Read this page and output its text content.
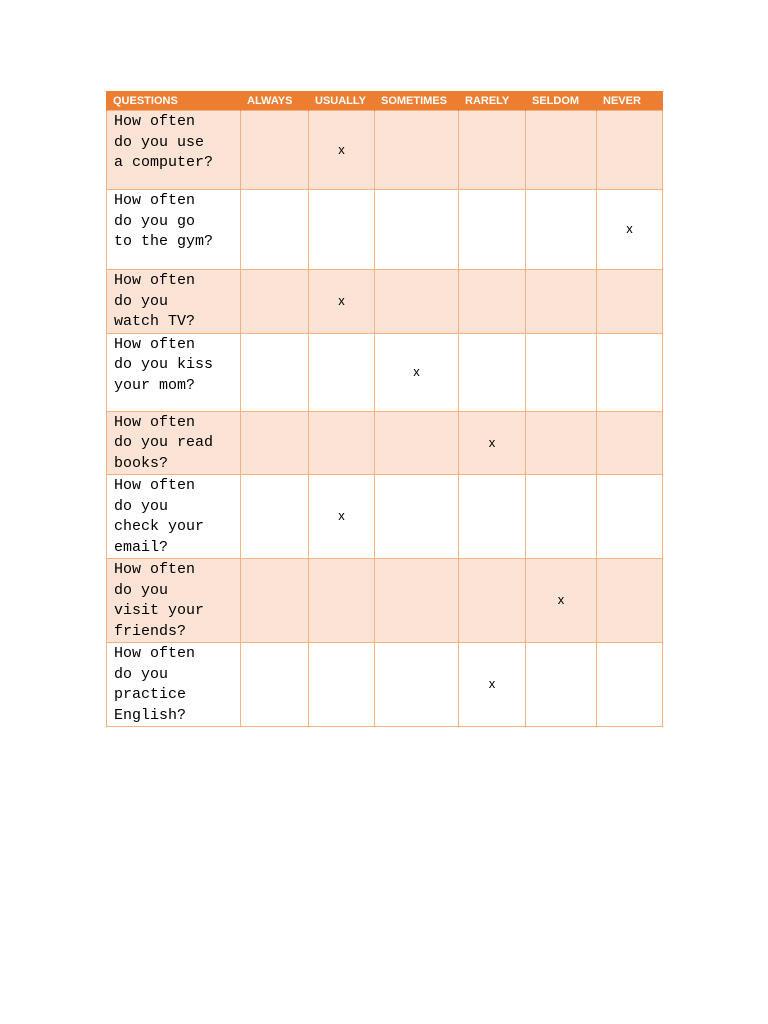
QUESTIONS	ALWAYS	USUALLY	SOMETIMES	RARELY	SELDOM	NEVER
How often
do you use
a computer?		x				
How often
do you go
to the gym?						x
How often
do you
watch TV?		x				
How often
do you kiss
your mom?			x			
How often
do you read
books?				x		
How often
do you
check your
email?		x				
How often
do you
visit your
friends?					x	
How often
do you
practice
English?				x		
